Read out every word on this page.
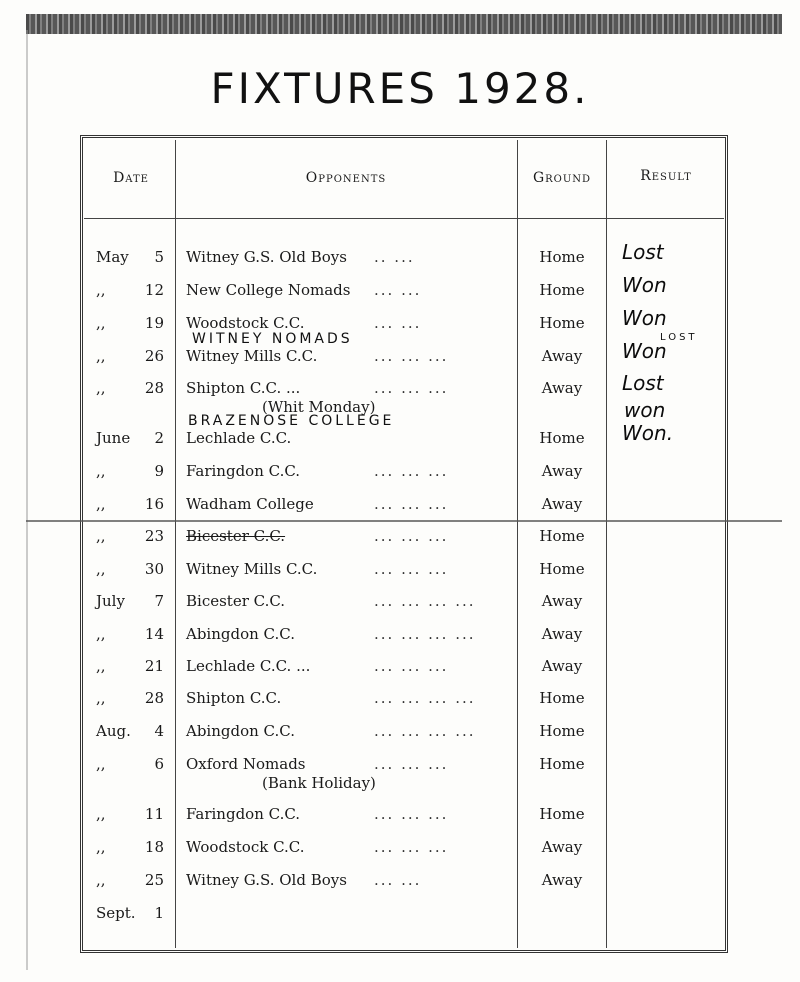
FIXTURES 1928.
Date	Opponents	Ground	Result
May	5 Witney G.S. Old Boys	Home	Lost
.. ...
,,	12 New College Nomads	Home	Won
... ...
,,	19 Woodstock C.C.	Home	Won
... ...
,,	26 Witney Mills C.C.	Away	Won
... ... ...
,,	28 Shipton C.C. ...	Away	Lost
... ... ...
June	2 Lechlade C.C.	Home	Won.
,,	9 Faringdon C.C.	Away
... ... ...
,,	16 Wadham College	Away
... ... ...
,,	23 Bicester C.C.	Home
... ... ...
,,	30 Witney Mills C.C.	Home
... ... ...
July	7 Bicester C.C.	Away
... ... ... ...
,,	14 Abingdon C.C.	Away
... ... ... ...
,,	21 Lechlade C.C. ...	Away
... ... ...
,,	28 Shipton C.C.	Home
... ... ... ...
Aug.	4 Abingdon C.C.	Home
... ... ... ...
,,	6 Oxford Nomads	Home
... ... ...
,,	11 Faringdon C.C.	Home
... ... ...
,,	18 Woodstock C.C.	Away
... ... ...
,,	25 Witney G.S. Old Boys	Away
... ...
Sept.	1
(Whit Monday)
(Bank Holiday)
WITNEY NOMADS
BRAZENOSE COLLEGE
LOST
won
